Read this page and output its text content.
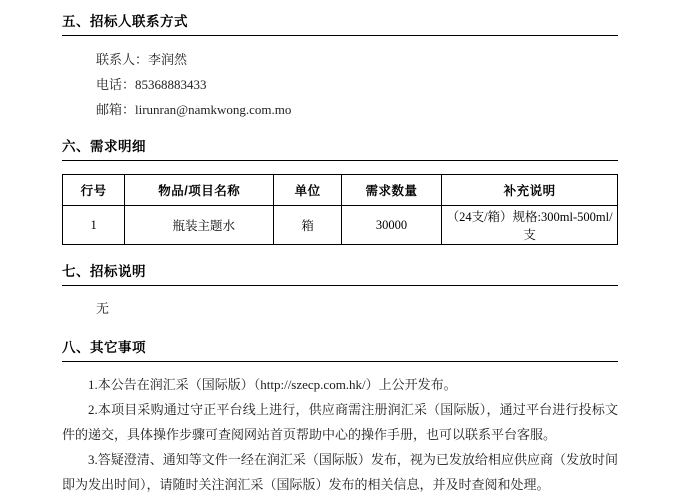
五、招标人联系方式
联系人：李润然
电话：85368883433
邮箱：lirunran@namkwong.com.mo
六、需求明细
行号	物品/项目名称	单位	需求数量	补充说明
1	瓶装主题水	箱	30000	（24支/箱）规格:300ml-500ml/支
七、招标说明
无
八、其它事项

1.本公告在润汇采（国际版）（http://szecp.com.hk/）上公开发布。

2.本项目采购通过守正平台线上进行，供应商需注册润汇采（国际版），通过平台进行投标文件的递交，具体操作步骤可查阅网站首页帮助中心的操作手册，也可以联系平台客服。

3.答疑澄清、通知等文件一经在润汇采（国际版）发布，视为已发放给相应供应商（发放时间即为发出时间），请随时关注润汇采（国际版）发布的相关信息，并及时查阅和处理。
